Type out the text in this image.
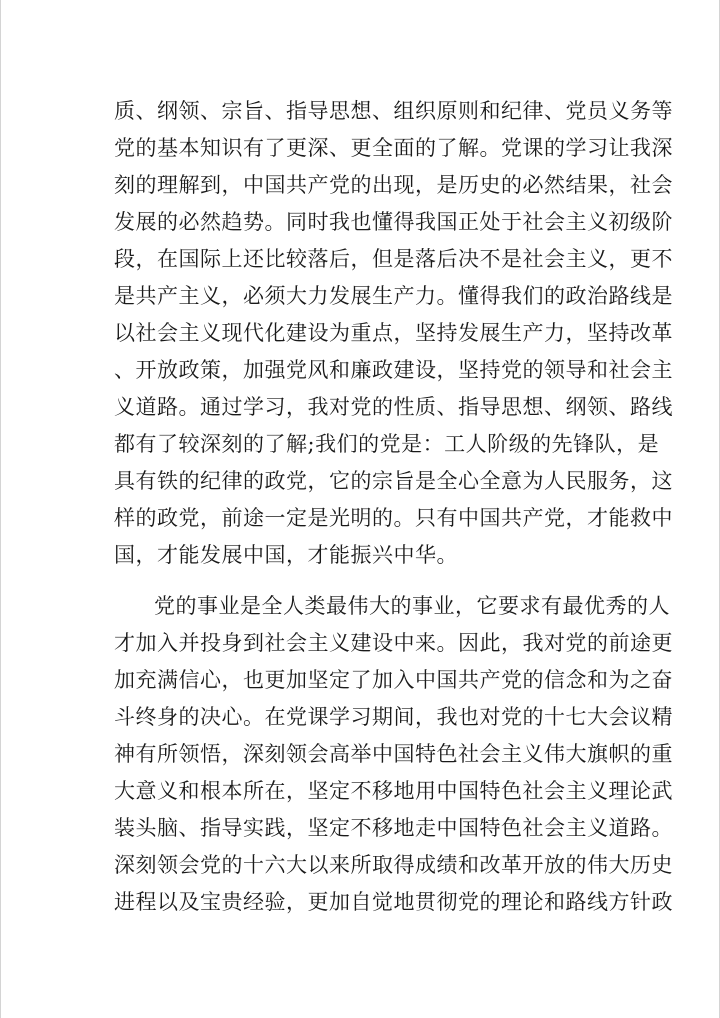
质、纲领、宗旨、指导思想、组织原则和纪律、党员义务等
党的基本知识有了更深、更全面的了解。党课的学习让我深
刻的理解到，中国共产党的出现，是历史的必然结果，社会
发展的必然趋势。同时我也懂得我国正处于社会主义初级阶
段，在国际上还比较落后，但是落后决不是社会主义，更不
是共产主义，必须大力发展生产力。懂得我们的政治路线是
以社会主义现代化建设为重点，坚持发展生产力，坚持改革
、开放政策，加强党风和廉政建设，坚持党的领导和社会主
义道路。通过学习，我对党的性质、指导思想、纲领、路线
都有了较深刻的了解;我们的党是：工人阶级的先锋队，是
具有铁的纪律的政党，它的宗旨是全心全意为人民服务，这
样的政党，前途一定是光明的。只有中国共产党，才能救中
国，才能发展中国，才能振兴中华。

党的事业是全人类最伟大的事业，它要求有最优秀的人
才加入并投身到社会主义建设中来。因此，我对党的前途更
加充满信心，也更加坚定了加入中国共产党的信念和为之奋
斗终身的决心。在党课学习期间，我也对党的十七大会议精
神有所领悟，深刻领会高举中国特色社会主义伟大旗帜的重
大意义和根本所在，坚定不移地用中国特色社会主义理论武
装头脑、指导实践，坚定不移地走中国特色社会主义道路。
深刻领会党的十六大以来所取得成绩和改革开放的伟大历史
进程以及宝贵经验，更加自觉地贯彻党的理论和路线方针政
